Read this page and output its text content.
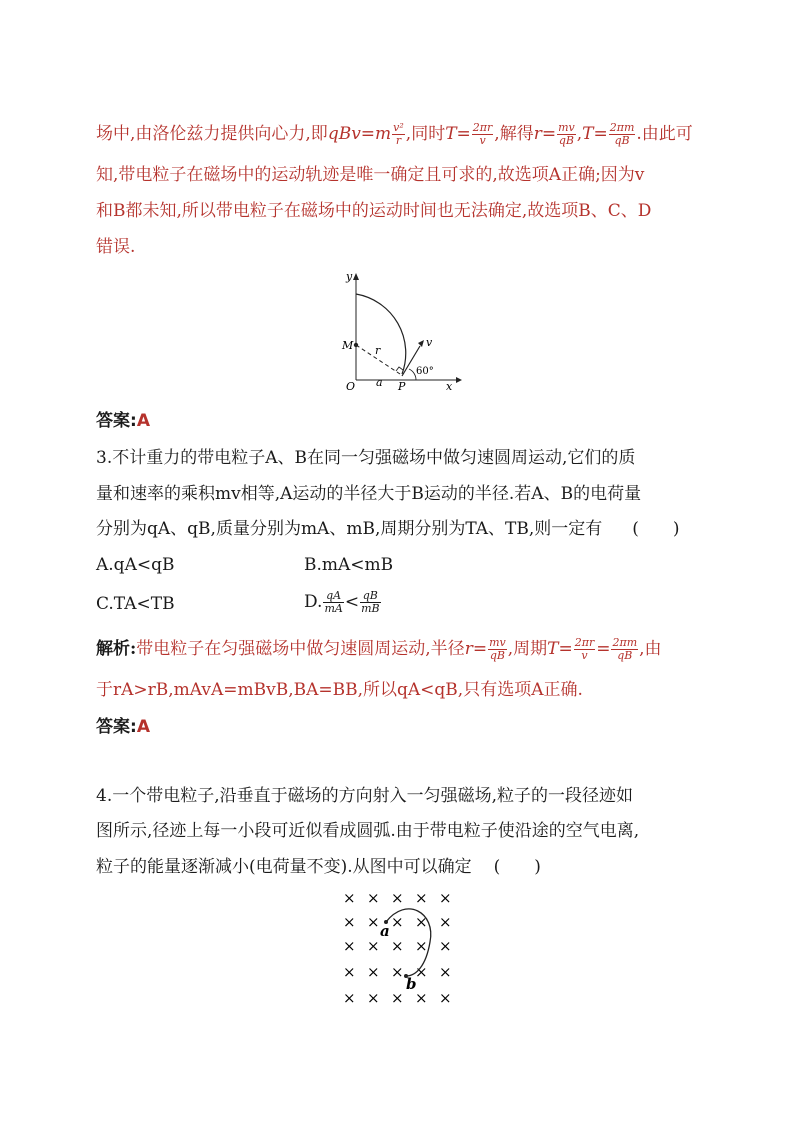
场中,由洛伦兹力提供向心力,即$qBv=m \frac{\text{v²}}{r}$ ,同时$T= \frac{2\pi r}{v}$ ,解得$r= \frac{mv}{qB} ,T= \frac{2\pi m}{qB}$ .由此可
知,带电粒子在磁场中的运动轨迹是唯一确定且可求的,故选项A正确;因为v
和B都未知,所以带电粒子在磁场中的运动时间也无法确定,故选项B、C、D
错误.
y
M r
v
O a P	x
60°
答案:A
3.不计重力的带电粒子A、B在同一匀强磁场中做匀速圆周运动,它们的质
量和速率的乘积mv相等,A运动的半径大于B运动的半径.若A、B的电荷量
分别为qA、qB,质量分别为mA、mB,周期分别为TA、TB,则一定有 (　　)
A.qA<qB	B.mA<mB
C.TA<TB	D. $\frac{qA}{mA} < \frac{qB}{mB}$
解析:带电粒子在匀强磁场中做匀速圆周运动,半径$r= \frac{mv}{qB}$ ,周期$T= \frac{2\pi r}{v} = \frac{2\pi m}{qB}$ ,由
于rA>rB,mAvA=mBvB,BA=BB,所以qA<qB,只有选项A正确.
答案:A
4.一个带电粒子,沿垂直于磁场的方向射入一匀强磁场,粒子的一段径迹如
图所示,径迹上每一小段可近似看成圆弧.由于带电粒子使沿途的空气电离,
粒子的能量逐渐减小(电荷量不变).从图中可以确定 (　　)
× × × × ×
× × × × ×
× × × × ×
× × × × ×
× × × × ×
a
b
